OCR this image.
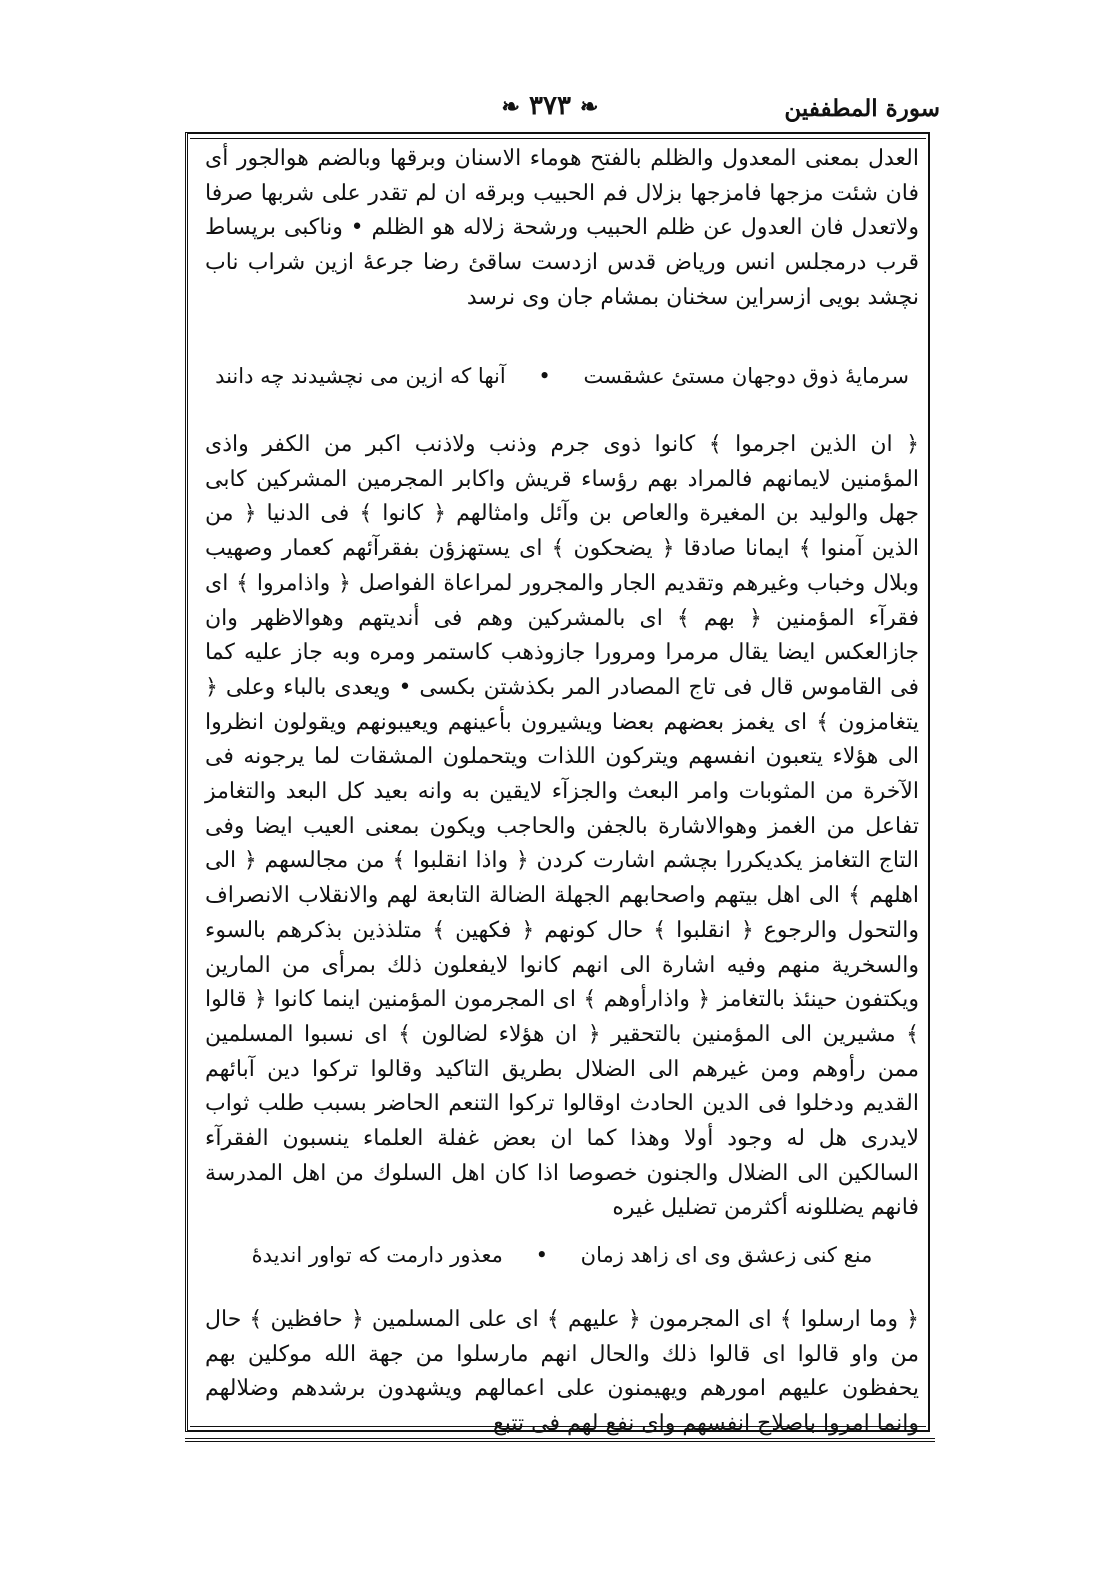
سورة المطففين
❧ ٣٧٣ ❧
العدل بمعنى المعدول والظلم بالفتح هوماء الاسنان وبرقها وبالضم هوالجور أى فان شئت مزجها فامزجها بزلال فم الحبيب وبرقه ان لم تقدر على شربها صرفا ولاتعدل فان العدول عن ظلم الحبيب ورشحة زلاله هو الظلم • وناكبى برپساط قرب درمجلس انس ورياض قدس ازدست ساقئ رضا جرعهٔ ازين شراب ناب نچشد بويى ازسراين سخنان بمشام جان وى نرسد
سرمايهٔ ذوق دوجهان مستئ عشقست • آنها كه ازين مى نچشيدند چه دانند
﴿ ان الذين اجرموا ﴾ كانوا ذوى جرم وذنب ولاذنب اكبر من الكفر واذى المؤمنين لايمانهم فالمراد بهم رؤساء قريش واكابر المجرمين المشركين كابى جهل والوليد بن المغيرة والعاص بن وآئل وامثالهم ﴿ كانوا ﴾ فى الدنيا ﴿ من الذين آمنوا ﴾ ايمانا صادقا ﴿ يضحكون ﴾ اى يستهزؤن بفقرآئهم كعمار وصهيب وبلال وخباب وغيرهم وتقديم الجار والمجرور لمراعاة الفواصل ﴿ واذامروا ﴾ اى فقرآء المؤمنين ﴿ بهم ﴾ اى بالمشركين وهم فى أنديتهم وهوالاظهر وان جازالعكس ايضا يقال مرمرا ومرورا جازوذهب كاستمر ومره وبه جاز عليه كما فى القاموس قال فى تاج المصادر المر بكذشتن بكسى • ويعدى بالباء وعلى ﴿ يتغامزون ﴾ اى يغمز بعضهم بعضا ويشيرون بأعينهم ويعيبونهم ويقولون انظروا الى هؤلاء يتعبون انفسهم ويتركون اللذات ويتحملون المشقات لما يرجونه فى الآخرة من المثوبات وامر البعث والجزآء لايقين به وانه بعيد كل البعد والتغامز تفاعل من الغمز وهوالاشارة بالجفن والحاجب ويكون بمعنى العيب ايضا وفى التاج التغامز يكديكررا بچشم اشارت كردن ﴿ واذا انقلبوا ﴾ من مجالسهم ﴿ الى اهلهم ﴾ الى اهل بيتهم واصحابهم الجهلة الضالة التابعة لهم والانقلاب الانصراف والتحول والرجوع ﴿ انقلبوا ﴾ حال كونهم ﴿ فكهين ﴾ متلذذين بذكرهم بالسوء والسخرية منهم وفيه اشارة الى انهم كانوا لايفعلون ذلك بمرأى من المارين ويكتفون حينئذ بالتغامز ﴿ واذارأوهم ﴾ اى المجرمون المؤمنين اينما كانوا ﴿ قالوا ﴾ مشيرين الى المؤمنين بالتحقير ﴿ ان هؤلاء لضالون ﴾ اى نسبوا المسلمين ممن رأوهم ومن غيرهم الى الضلال بطريق التاكيد وقالوا تركوا دين آبائهم القديم ودخلوا فى الدين الحادث اوقالوا تركوا التنعم الحاضر بسبب طلب ثواب لايدرى هل له وجود أولا وهذا كما ان بعض غفلة العلماء ينسبون الفقرآء السالكين الى الضلال والجنون خصوصا اذا كان اهل السلوك من اهل المدرسة فانهم يضللونه أكثرمن تضليل غيره
منع كنى زعشق وى اى زاهد زمان • معذور دارمت كه تواور انديدهٔ
﴿ وما ارسلوا ﴾ اى المجرمون ﴿ عليهم ﴾ اى على المسلمين ﴿ حافظين ﴾ حال من واو قالوا اى قالوا ذلك والحال انهم مارسلوا من جهة الله موكلين بهم يحفظون عليهم امورهم ويهيمنون على اعمالهم ويشهدون برشدهم وضلالهم وانما امروا باصلاح انفسهم واى نفع لهم فى تتبع
